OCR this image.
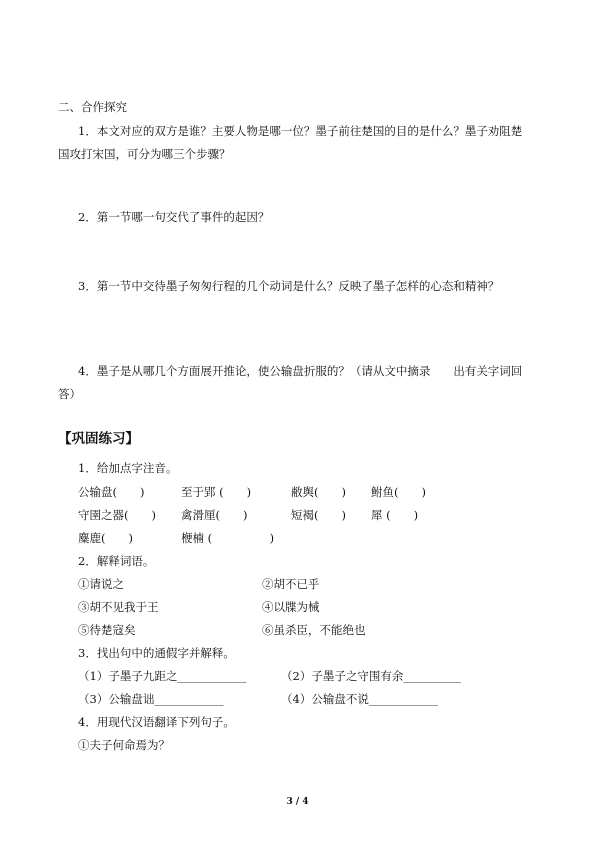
二、合作探究
1．本文对应的双方是谁？主要人物是哪一位？墨子前往楚国的目的是什么？墨子劝阻楚
国攻打宋国，可分为哪三个步骤？
2．第一节哪一句交代了事件的起因？
3．第一节中交待墨子匆匆行程的几个动词是什么？反映了墨子怎样的心态和精神？
4．墨子是从哪几个方面展开推论，使公输盘折服的？（请从文中摘录　　出有关字词回
答）
【巩固练习】
1．给加点字注音。
公输盘(　　)	至于郢 (　　)	敝舆(　　) 鲋鱼(　　)
守圉之器(　　) 禽滑厘(　　)	短褐(　　) 犀 (　　)
麋鹿(　　)	楩楠 (　　　　　)
2．解释词语。
①请说之	②胡不已乎
③胡不见我于王	④以牒为械
⑤待楚寇矣	⑥虽杀臣，不能绝也
3．找出句中的通假字并解释。
（1）子墨子九距之____________	（2）子墨子之守围有余__________
（3）公输盘诎____________	（4）公输盘不说____________
4．用现代汉语翻译下列句子。
①夫子何命焉为？
3 / 4
